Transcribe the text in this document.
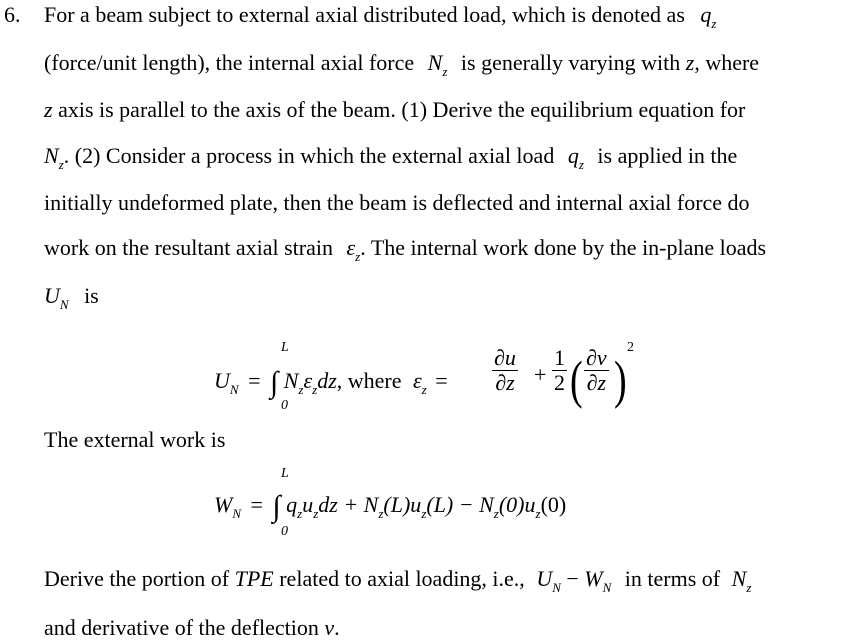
6. For a beam subject to external axial distributed load, which is denoted as $q_z$
(force/unit length), the internal axial force $N_z$ is generally varying with z, where
z axis is parallel to the axis of the beam. (1) Derive the equilibrium equation for
$N_z$. (2) Consider a process in which the external axial load $q_z$ is applied in the
initially undeformed plate, then the beam is deflected and internal axial force do
work on the resultant axial strain $\varepsilon_z$. The internal work done by the in-plane loads
$U_N$ is
L
0
$U_N$ = ∫ $N_z\varepsilon_zdz$, where $\varepsilon_z = \frac{\partial u}{\partial z} + \frac{1}{2}$ ( $\frac{\partial v}{\partial z}$ )
2
The external work is
L
0
$W_N$ = ∫ $q_zu_zdz + N_z(L)u_z(L) - N_z(0)u_z(0)$
Derive the portion of TPE related to axial loading, i.e., $U_N - W_N$ in terms of $N_z$
and derivative of the deflection v.
